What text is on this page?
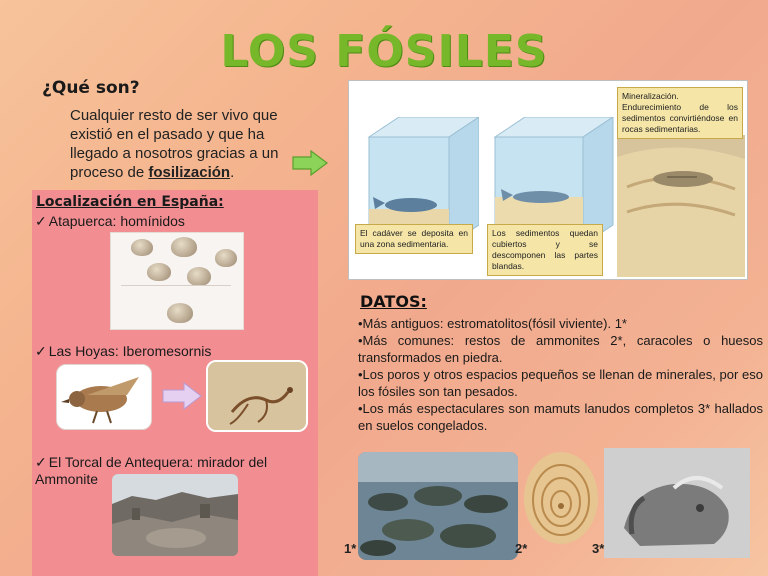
LOS FÓSILES
¿Qué son?
Cualquier resto de ser vivo que existió en el pasado y que ha llegado a nosotros gracias a un proceso de fosilización.
Localización en España:
✓ Atapuerca: homínidos
✓ Las Hoyas: Iberomesornis
✓ El Torcal de Antequera: mirador del Ammonite
El cadáver se deposita en una zona sedimentaria.
Los sedimentos quedan cubiertos y se descomponen las partes blandas.
Mineralización. Endurecimiento de los sedimentos convirtiéndose en rocas sedimentarias.
DATOS:

•Más antiguos: estromatolitos(fósil viviente). 1*

•Más comunes: restos de ammonites 2*, caracoles o huesos transformados en piedra.

•Los poros y otros espacios pequeños se llenan de minerales, por eso los fósiles son tan pesados.

•Los más espectaculares son mamuts lanudos completos 3* hallados en suelos congelados.

1*	2*	3*
